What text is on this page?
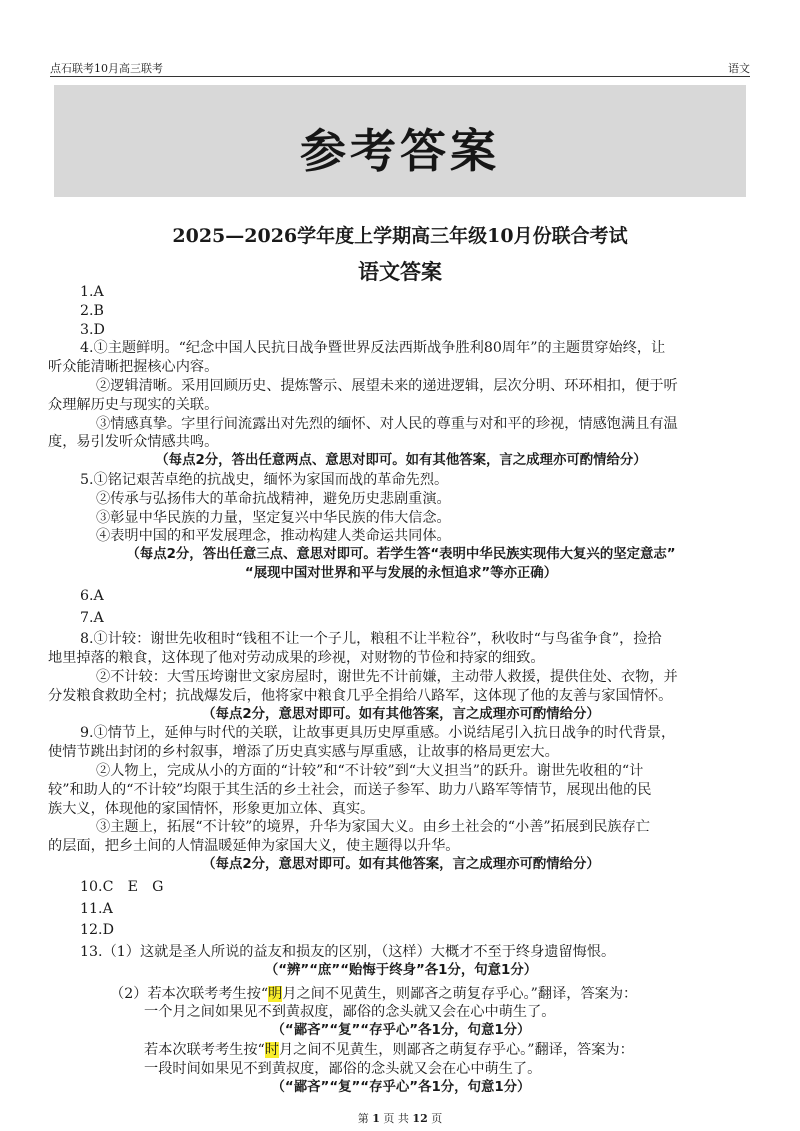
点石联考10月高三联考	语文
参考答案
2025—2026学年度上学期高三年级10月份联合考试
语文答案

1.A

2.B

3.D

4.①主题鲜明。“纪念中国人民抗日战争暨世界反法西斯战争胜利80周年”的主题贯穿始终，让

听众能清晰把握核心内容。

②逻辑清晰。采用回顾历史、提炼警示、展望未来的递进逻辑，层次分明、环环相扣，便于听

众理解历史与现实的关联。

③情感真挚。字里行间流露出对先烈的缅怀、对人民的尊重与对和平的珍视，情感饱满且有温

度，易引发听众情感共鸣。

（每点2分，答出任意两点、意思对即可。如有其他答案，言之成理亦可酌情给分）

5.①铭记艰苦卓绝的抗战史，缅怀为家国而战的革命先烈。

②传承与弘扬伟大的革命抗战精神，避免历史悲剧重演。

③彰显中华民族的力量，坚定复兴中华民族的伟大信念。

④表明中国的和平发展理念，推动构建人类命运共同体。

（每点2分，答出任意三点、意思对即可。若学生答“表明中华民族实现伟大复兴的坚定意志”

“展现中国对世界和平与发展的永恒追求”等亦正确）

6.A

7.A

8.①计较：谢世先收租时“钱租不让一个子儿，粮租不让半粒谷”，秋收时“与鸟雀争食”，捡拾

地里掉落的粮食，这体现了他对劳动成果的珍视，对财物的节俭和持家的细致。

②不计较：大雪压垮谢世文家房屋时，谢世先不计前嫌，主动带人救援，提供住处、衣物，并

分发粮食救助全村；抗战爆发后，他将家中粮食几乎全捐给八路军，这体现了他的友善与家国情怀。

（每点2分，意思对即可。如有其他答案，言之成理亦可酌情给分）

9.①情节上，延伸与时代的关联，让故事更具历史厚重感。小说结尾引入抗日战争的时代背景，

使情节跳出封闭的乡村叙事，增添了历史真实感与厚重感，让故事的格局更宏大。

②人物上，完成从小的方面的“计较”和“不计较”到“大义担当”的跃升。谢世先收租的“计

较”和助人的“不计较”均限于其生活的乡土社会，而送子参军、助力八路军等情节，展现出他的民

族大义，体现他的家国情怀，形象更加立体、真实。

③主题上，拓展“不计较”的境界，升华为家国大义。由乡土社会的“小善”拓展到民族存亡

的层面，把乡土间的人情温暖延伸为家国大义，使主题得以升华。

（每点2分，意思对即可。如有其他答案，言之成理亦可酌情给分）

10.C　E　G

11.A

12.D

13.（1）这就是圣人所说的益友和损友的区别，（这样）大概才不至于终身遗留悔恨。

（“辨”“庶”“贻悔于终身”各1分，句意1分）

（2）若本次联考考生按“明月之间不见黄生，则鄙吝之萌复存乎心。”翻译，答案为：

一个月之间如果见不到黄叔度，鄙俗的念头就又会在心中萌生了。

（“鄙吝”“复”“存乎心”各1分，句意1分）

若本次联考考生按“时月之间不见黄生，则鄙吝之萌复存乎心。”翻译，答案为：

一段时间如果见不到黄叔度，鄙俗的念头就又会在心中萌生了。

（“鄙吝”“复”“存乎心”各1分，句意1分）

第 1 页 共 12 页
